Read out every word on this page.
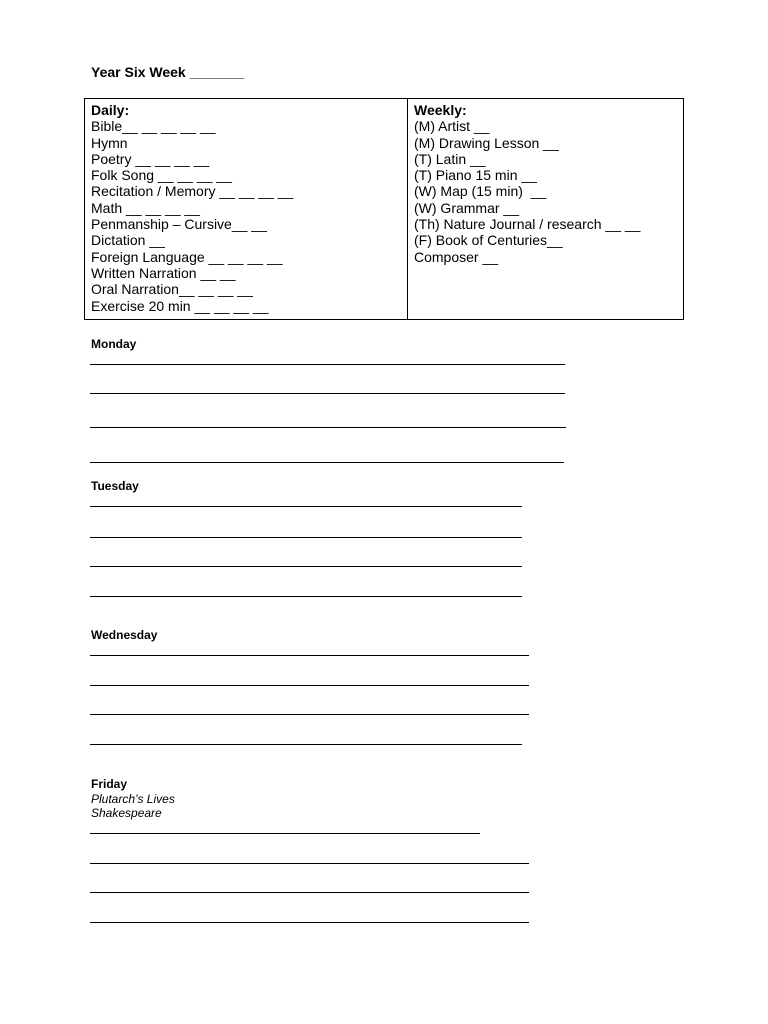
Year Six Week _______
Daily:
Bible__ __ __ __ __
Hymn
Poetry __ __ __ __
Folk Song __ __ __ __
Recitation / Memory __ __ __ __
Math __ __ __ __
Penmanship – Cursive__ __
Dictation __
Foreign Language __ __ __ __
Written Narration __ __
Oral Narration__ __ __ __
Exercise 20 min __ __ __ __
Weekly:
(M) Artist __
(M) Drawing Lesson __
(T) Latin __
(T) Piano 15 min __
(W) Map (15 min)  __
(W) Grammar __
(Th) Nature Journal / research __ __
(F) Book of Centuries__
Composer __
Monday
Tuesday
Wednesday
Friday
Plutarch’s Lives
Shakespeare
